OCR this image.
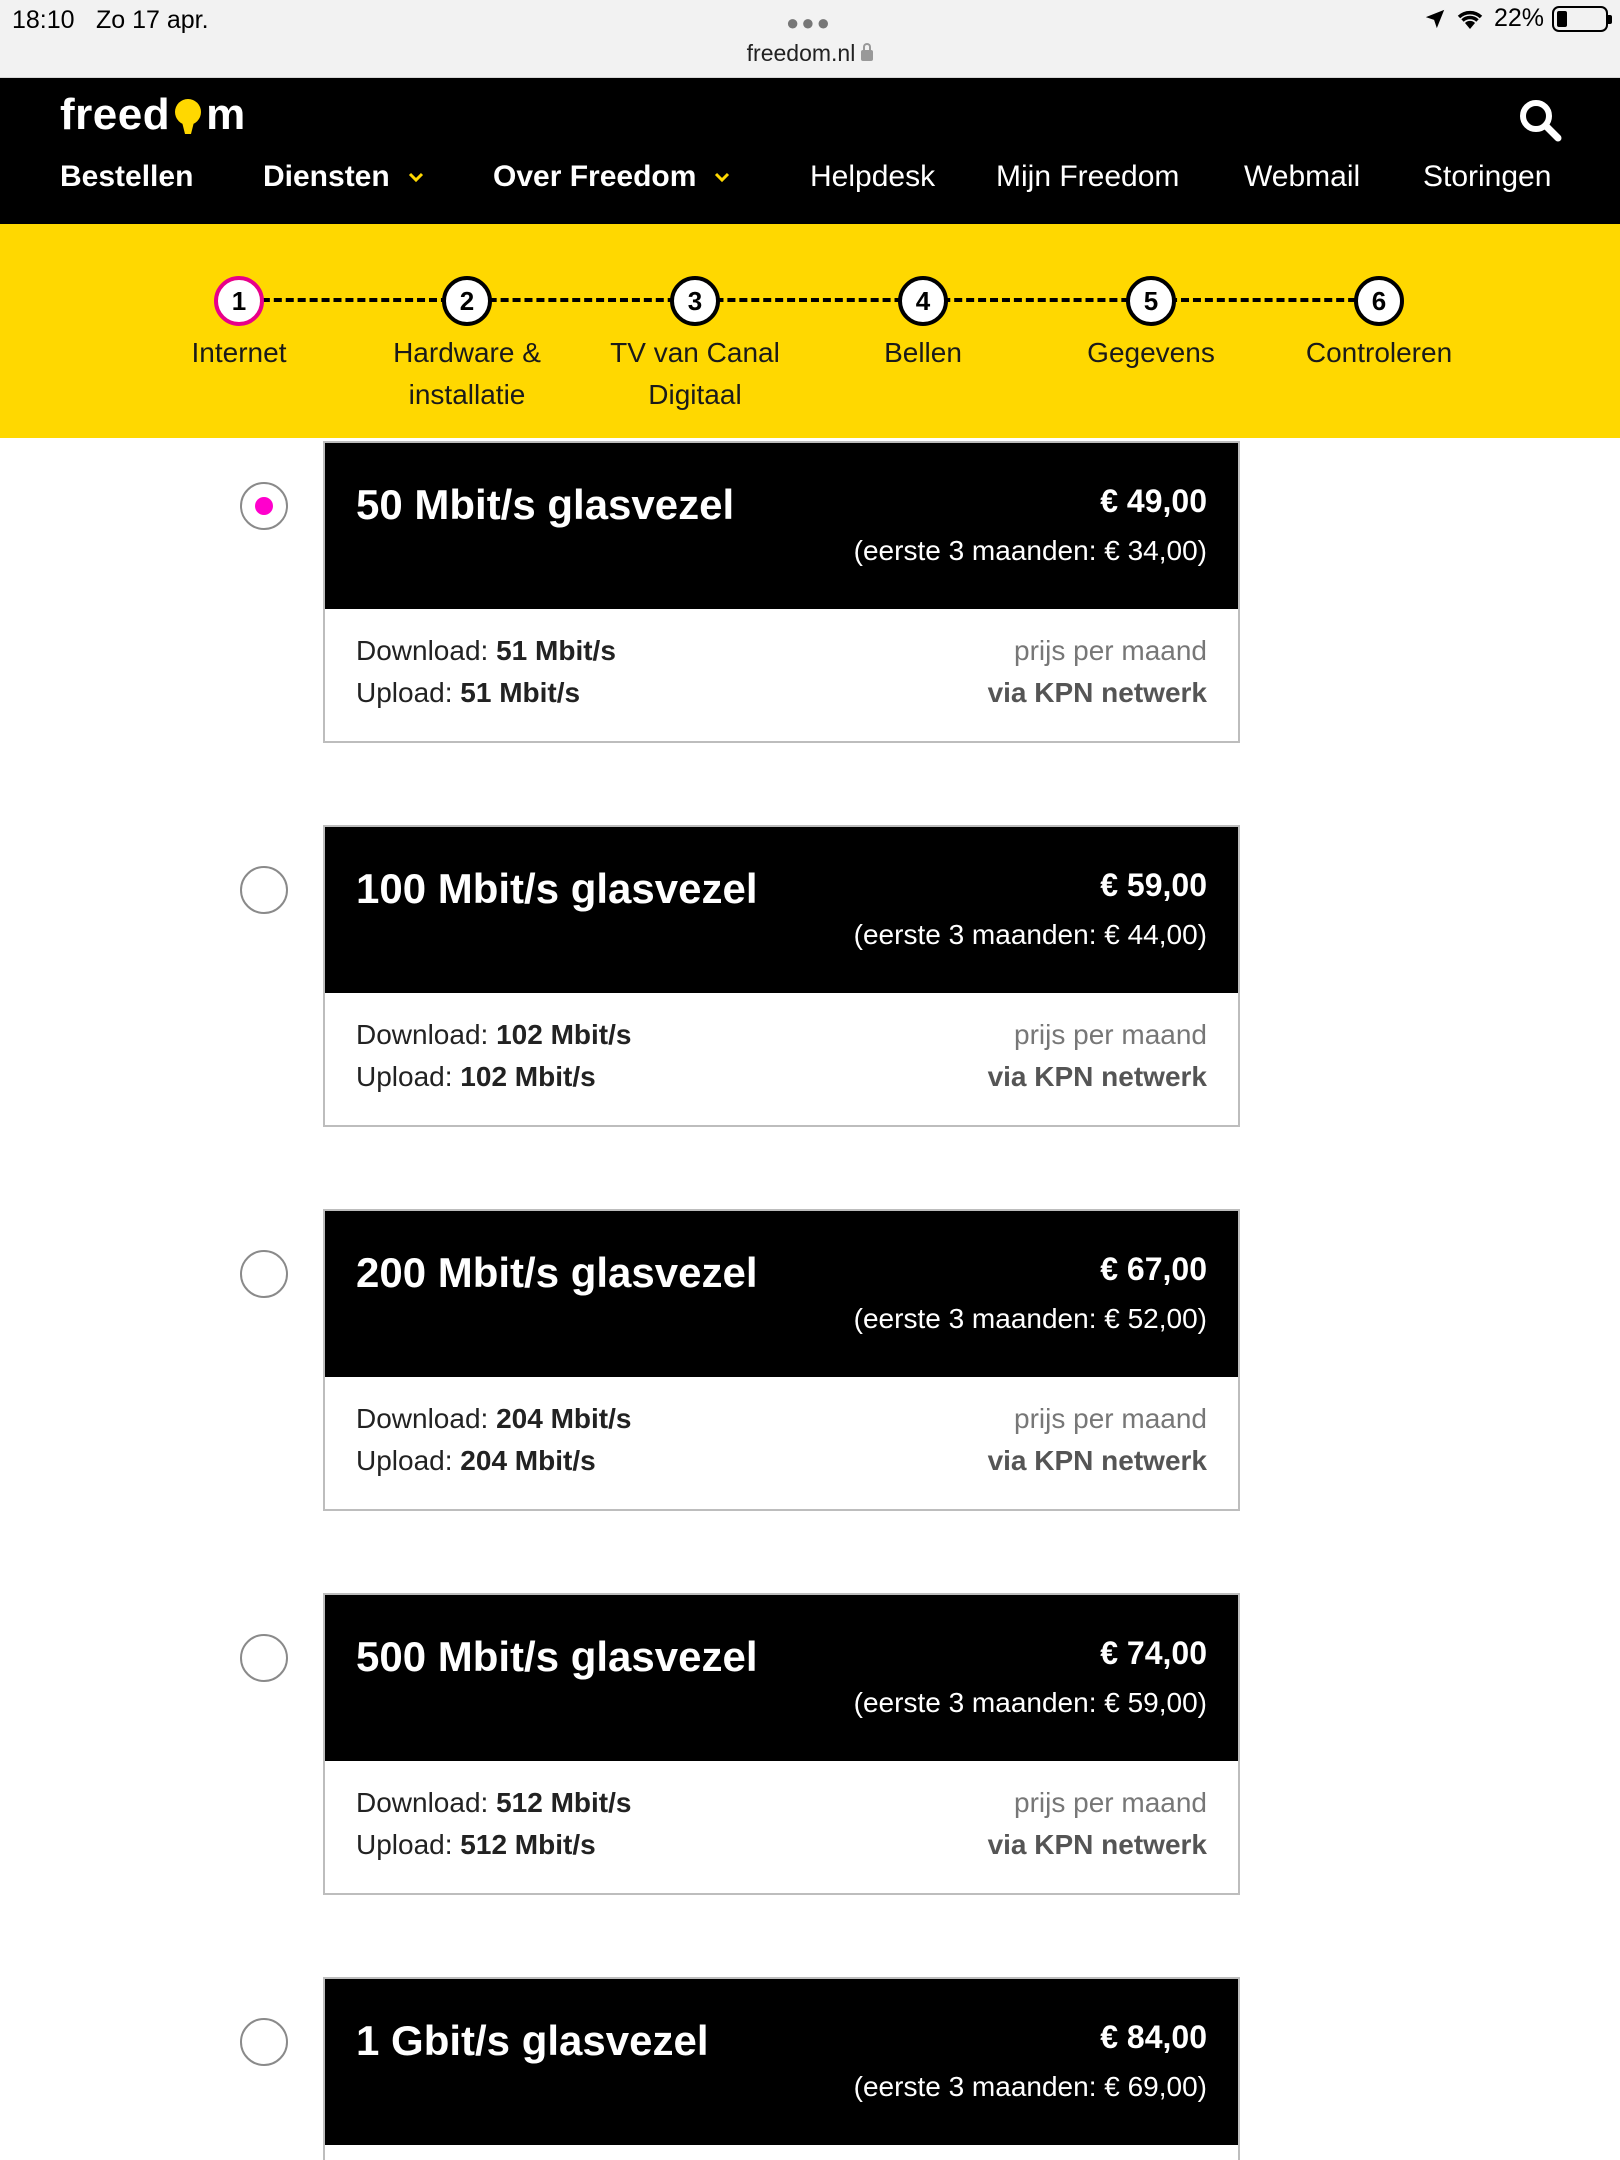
18:10 Zo 17 apr.	●●●
freedom.nl
22%
freed m
Bestellen Diensten	Over Freedom	Helpdesk Mijn Freedom Webmail Storingen
1
Internet
2
Hardware & installatie
3
TV van Canal Digitaal
4
Bellen
5
Gegevens
6
Controleren
50 Mbit/s glasvezel	€ 49,00
(eerste 3 maanden: € 34,00)
Download: 51 Mbit/s
Upload: 51 Mbit/s
prijs per maand
via KPN netwerk
100 Mbit/s glasvezel	€ 59,00
(eerste 3 maanden: € 44,00)
Download: 102 Mbit/s
Upload: 102 Mbit/s
prijs per maand
via KPN netwerk
200 Mbit/s glasvezel	€ 67,00
(eerste 3 maanden: € 52,00)
Download: 204 Mbit/s
Upload: 204 Mbit/s
prijs per maand
via KPN netwerk
500 Mbit/s glasvezel	€ 74,00
(eerste 3 maanden: € 59,00)
Download: 512 Mbit/s
Upload: 512 Mbit/s
prijs per maand
via KPN netwerk
1 Gbit/s glasvezel	€ 84,00
(eerste 3 maanden: € 69,00)
